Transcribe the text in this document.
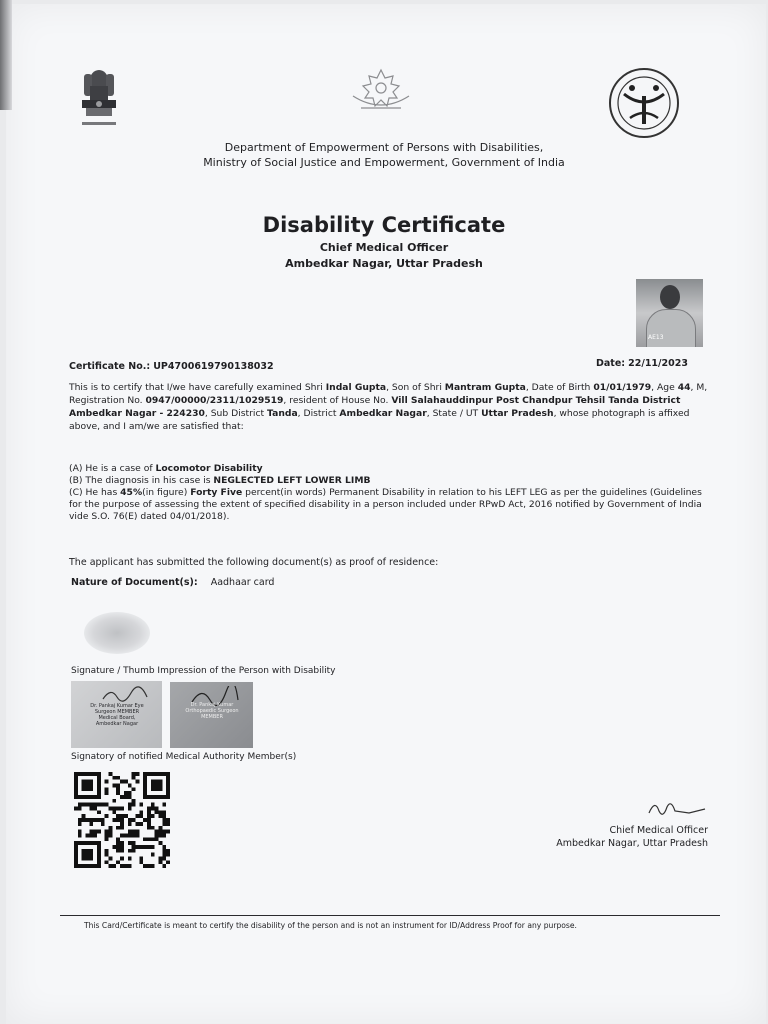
Department of Empowerment of Persons with Disabilities,
Ministry of Social Justice and Empowerment, Government of India
Disability Certificate
Chief Medical Officer
Ambedkar Nagar, Uttar Pradesh
AE13
Certificate No.: UP4700619790138032	Date: 22/11/2023
This is to certify that I/we have carefully examined Shri Indal Gupta, Son of Shri Mantram Gupta, Date of Birth 01/01/1979, Age 44, M, Registration No. 0947/00000/2311/1029519, resident of House No. Vill Salahauddinpur Post Chandpur Tehsil Tanda District Ambedkar Nagar - 224230, Sub District Tanda, District Ambedkar Nagar, State / UT Uttar Pradesh, whose photograph is affixed above, and I am/we are satisfied that:
(A) He is a case of Locomotor Disability
(B) The diagnosis in his case is NEGLECTED LEFT LOWER LIMB
(C) He has 45%(in figure) Forty Five percent(in words) Permanent Disability in relation to his LEFT LEG as per the guidelines (Guidelines for the purpose of assessing the extent of specified disability in a person included under RPwD Act, 2016 notified by Government of India vide S.O. 76(E) dated 04/01/2018).
The applicant has submitted the following document(s) as proof of residence:
Nature of Document(s): Aadhaar card
Signature / Thumb Impression of the Person with Disability
Dr. Pankaj Kumar Eye Surgeon MEMBER Medical Board, Ambedkar Nagar
Dr. Pankaj Kumar Orthopaedic Surgeon MEMBER
Signatory of notified Medical Authority Member(s)
Chief Medical Officer
Ambedkar Nagar, Uttar Pradesh
This Card/Certificate is meant to certify the disability of the person and is not an instrument for ID/Address Proof for any purpose.
